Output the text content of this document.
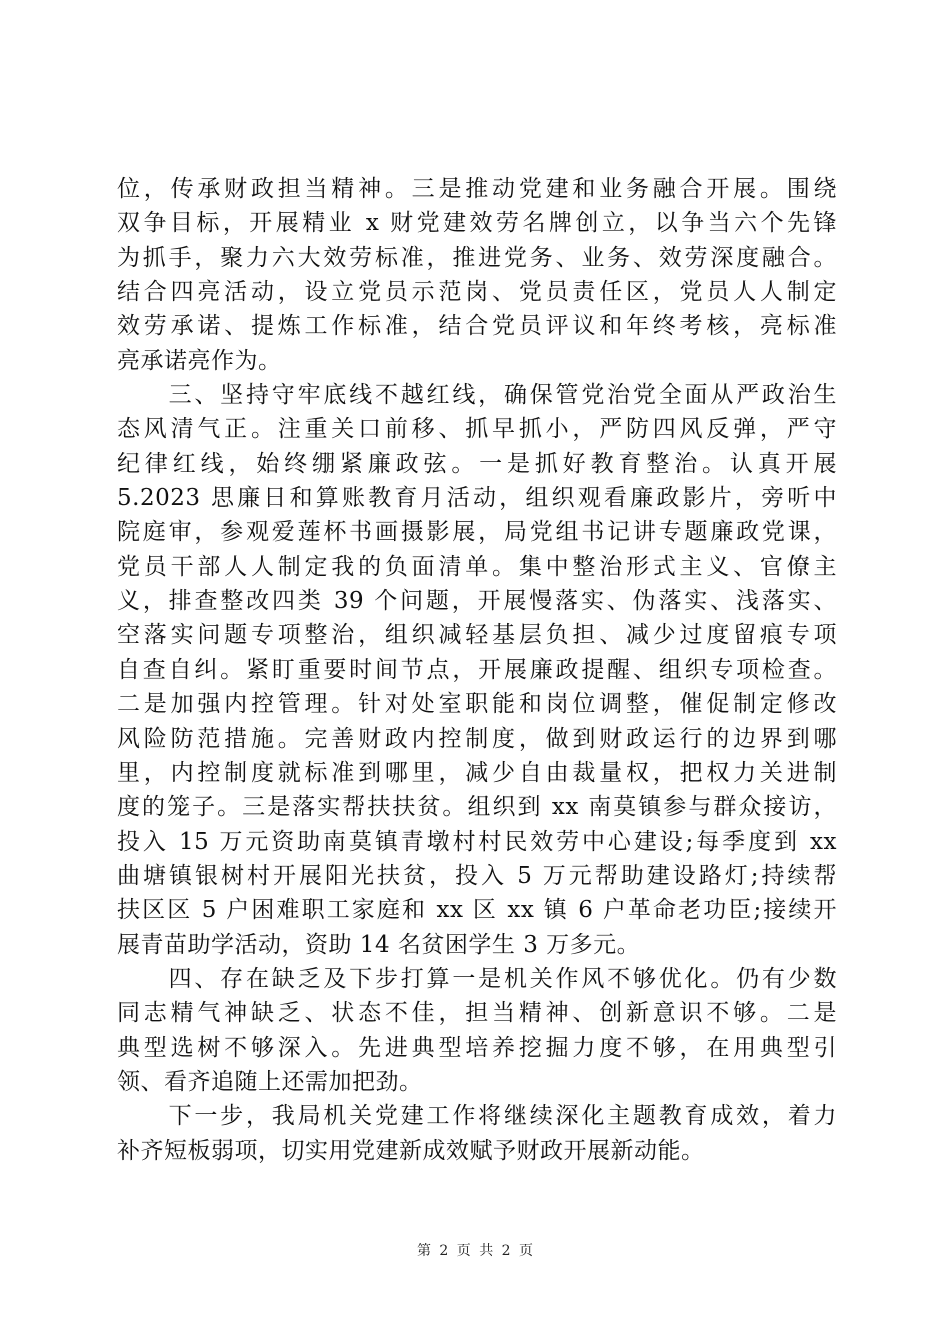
位，传承财政担当精神。三是推动党建和业务融合开展。围绕
双争目标，开展精业 x 财党建效劳名牌创立，以争当六个先锋
为抓手，聚力六大效劳标准，推进党务、业务、效劳深度融合。
结合四亮活动，设立党员示范岗、党员责任区，党员人人制定
效劳承诺、提炼工作标准，结合党员评议和年终考核，亮标准
亮承诺亮作为。
　　三、坚持守牢底线不越红线，确保管党治党全面从严政治生
态风清气正。注重关口前移、抓早抓小，严防四风反弹，严守
纪律红线，始终绷紧廉政弦。一是抓好教育整治。认真开展
5.2023 思廉日和算账教育月活动，组织观看廉政影片，旁听中
院庭审，参观爱莲杯书画摄影展，局党组书记讲专题廉政党课，
党员干部人人制定我的负面清单。集中整治形式主义、官僚主
义，排查整改四类 39 个问题，开展慢落实、伪落实、浅落实、
空落实问题专项整治，组织减轻基层负担、减少过度留痕专项
自查自纠。紧盯重要时间节点，开展廉政提醒、组织专项检查。
二是加强内控管理。针对处室职能和岗位调整，催促制定修改
风险防范措施。完善财政内控制度，做到财政运行的边界到哪
里，内控制度就标准到哪里，减少自由裁量权，把权力关进制
度的笼子。三是落实帮扶扶贫。组织到 xx 南莫镇参与群众接访，
投入 15 万元资助南莫镇青墩村村民效劳中心建设;每季度到 xx
曲塘镇银树村开展阳光扶贫，投入 5 万元帮助建设路灯;持续帮
扶区区 5 户困难职工家庭和 xx 区 xx 镇 6 户革命老功臣;接续开
展青苗助学活动，资助 14 名贫困学生 3 万多元。
　　四、存在缺乏及下步打算一是机关作风不够优化。仍有少数
同志精气神缺乏、状态不佳，担当精神、创新意识不够。二是
典型选树不够深入。先进典型培养挖掘力度不够，在用典型引
领、看齐追随上还需加把劲。
　　下一步，我局机关党建工作将继续深化主题教育成效，着力
补齐短板弱项，切实用党建新成效赋予财政开展新动能。
第 2 页 共 2 页
